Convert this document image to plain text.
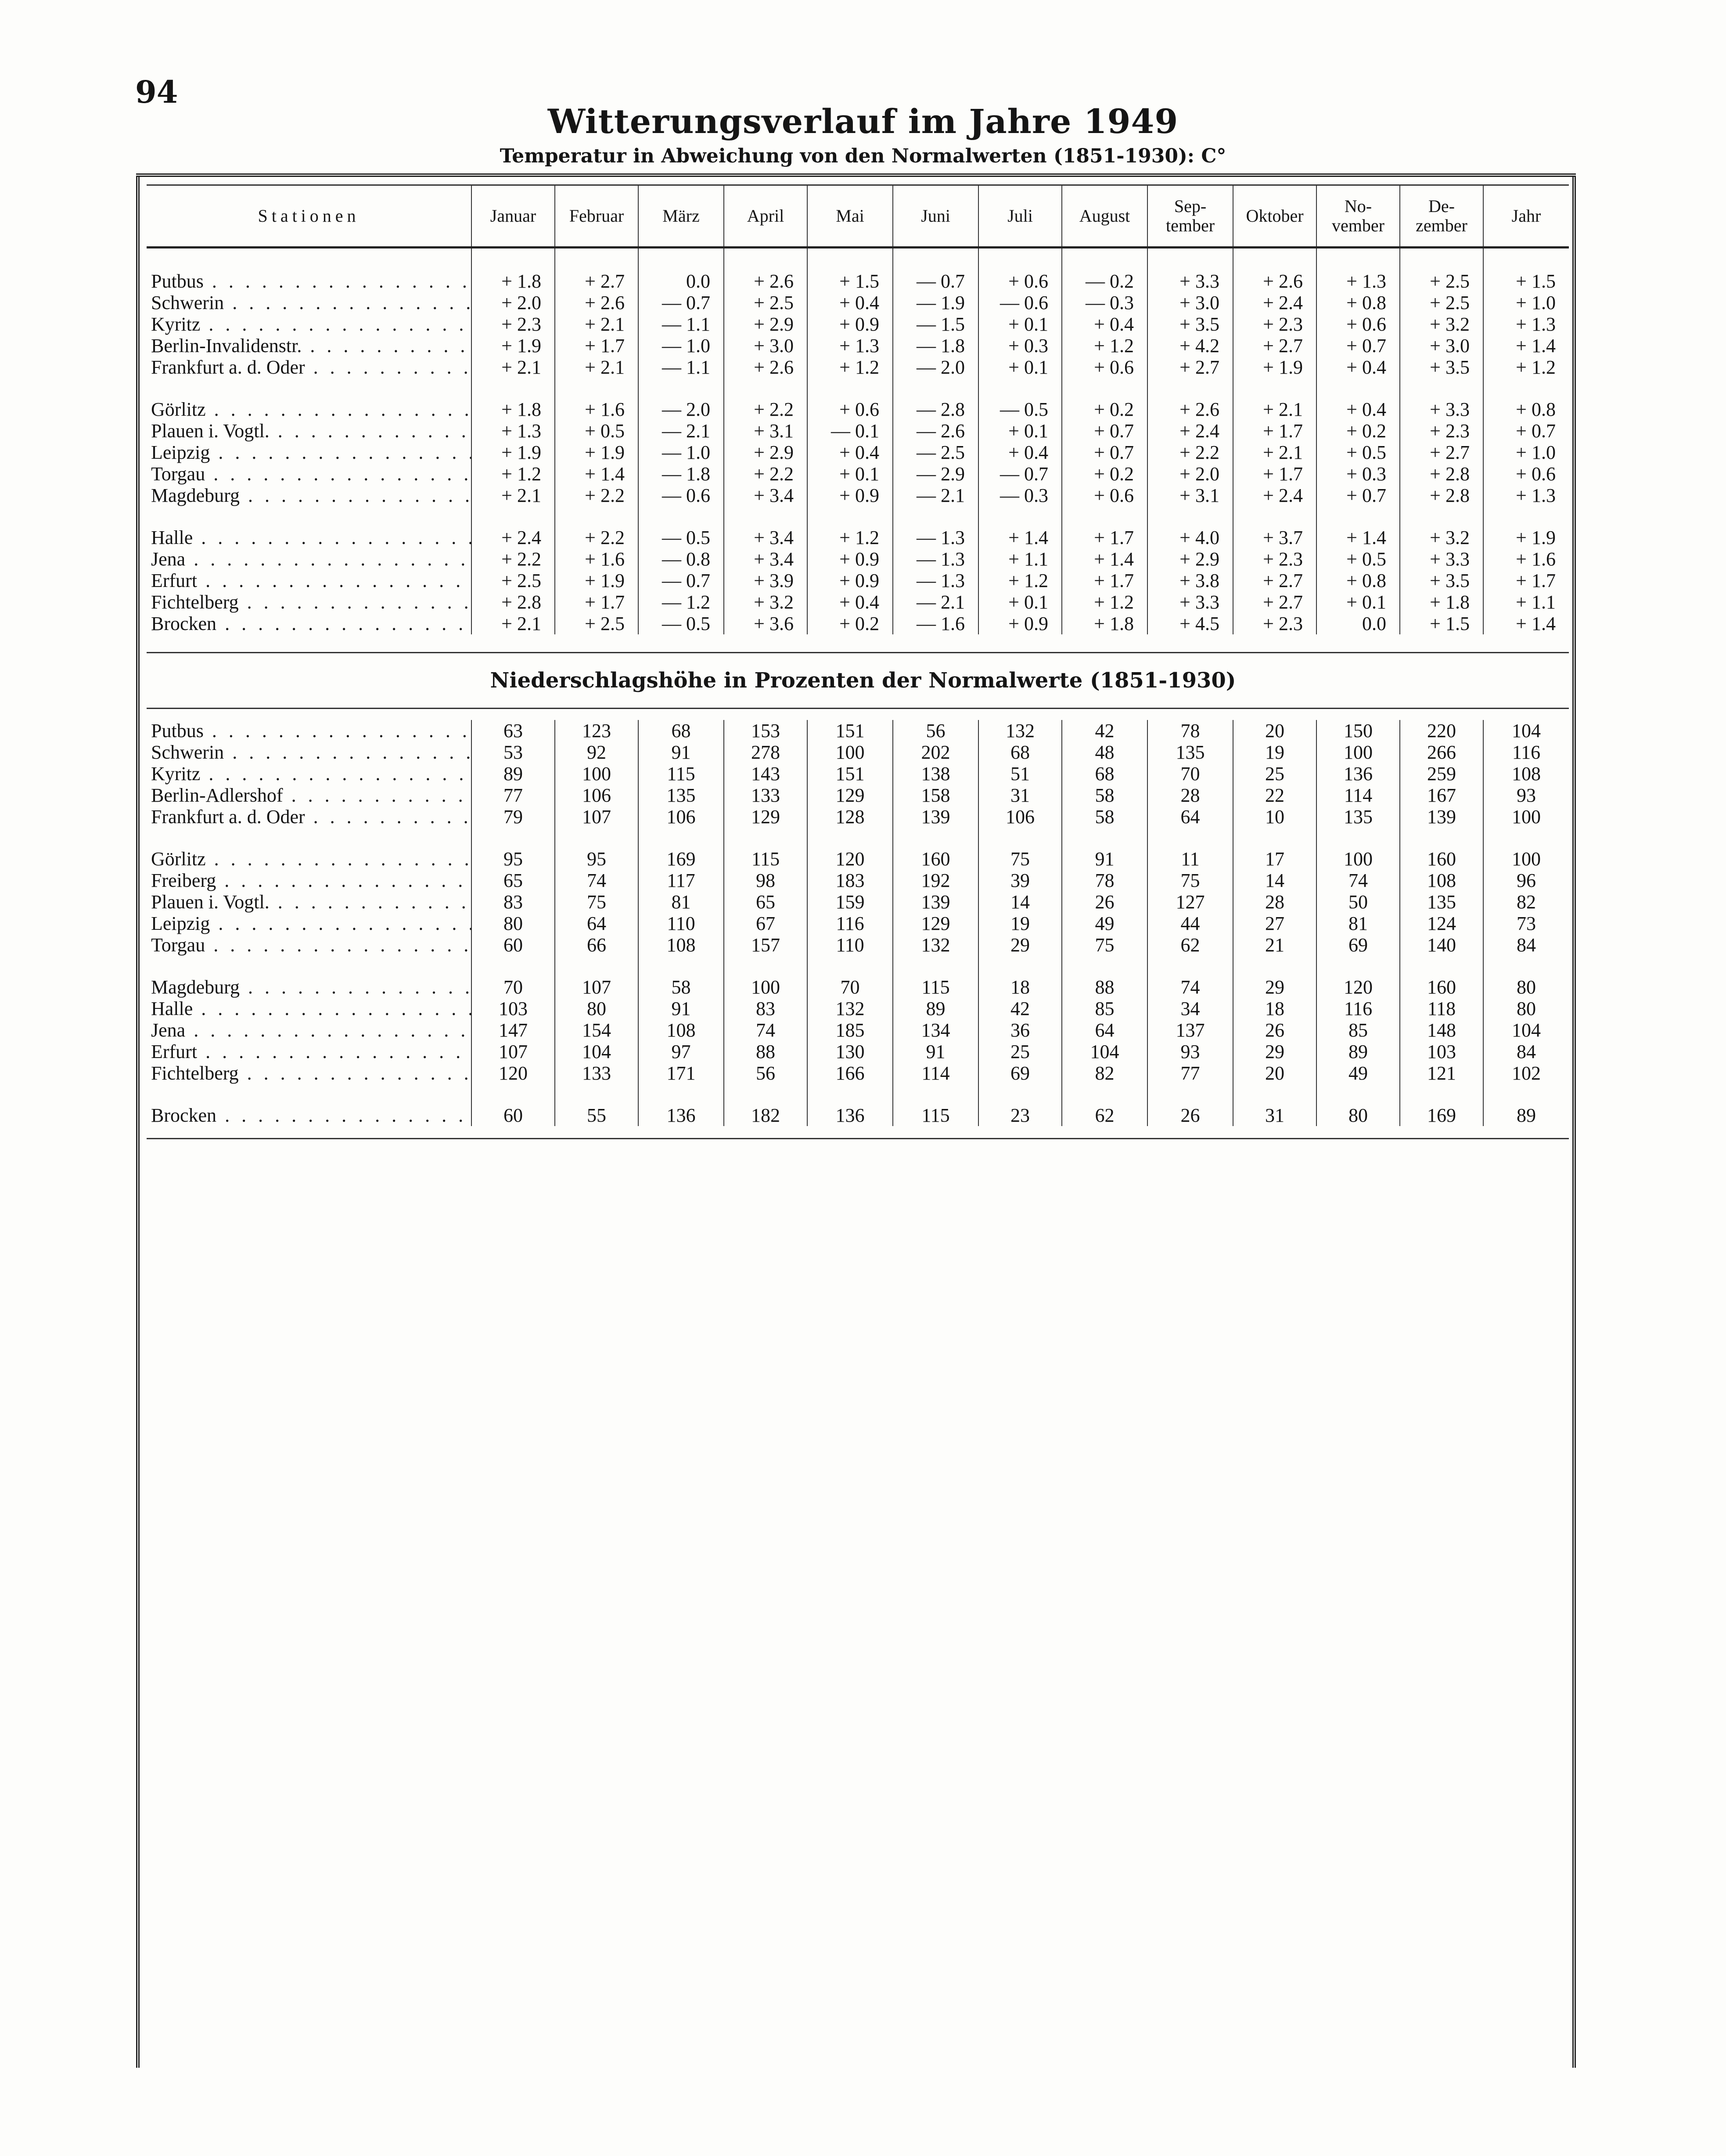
94
Witterungsverlauf im Jahre 1949
Temperatur in Abweichung von den Normalwerten (1851-1930): C°
Stationen	Januar	Februar	März	April	Mai	Juni	Juli	August	Sep-
tember	Oktober	No-
vember	De-
zember	Jahr
Putbus . . .	+ 1.8	+ 2.7	0.0	+ 2.6	+ 1.5	— 0.7	+ 0.6	— 0.2	+ 3.3	+ 2.6	+ 1.3	+ 2.5	+ 1.5
Schwerin . . .	+ 2.0	+ 2.6	— 0.7	+ 2.5	+ 0.4	— 1.9	— 0.6	— 0.3	+ 3.0	+ 2.4	+ 0.8	+ 2.5	+ 1.0
Kyritz . . .	+ 2.3	+ 2.1	— 1.1	+ 2.9	+ 0.9	— 1.5	+ 0.1	+ 0.4	+ 3.5	+ 2.3	+ 0.6	+ 3.2	+ 1.3
Berlin-Invalidenstr. . . .	+ 1.9	+ 1.7	— 1.0	+ 3.0	+ 1.3	— 1.8	+ 0.3	+ 1.2	+ 4.2	+ 2.7	+ 0.7	+ 3.0	+ 1.4
Frankfurt a. d. Oder . . .	+ 2.1	+ 2.1	— 1.1	+ 2.6	+ 1.2	— 2.0	+ 0.1	+ 0.6	+ 2.7	+ 1.9	+ 0.4	+ 3.5	+ 1.2

Görlitz . . .	+ 1.8	+ 1.6	— 2.0	+ 2.2	+ 0.6	— 2.8	— 0.5	+ 0.2	+ 2.6	+ 2.1	+ 0.4	+ 3.3	+ 0.8
Plauen i. Vogtl. . . .	+ 1.3	+ 0.5	— 2.1	+ 3.1	— 0.1	— 2.6	+ 0.1	+ 0.7	+ 2.4	+ 1.7	+ 0.2	+ 2.3	+ 0.7
Leipzig . . .	+ 1.9	+ 1.9	— 1.0	+ 2.9	+ 0.4	— 2.5	+ 0.4	+ 0.7	+ 2.2	+ 2.1	+ 0.5	+ 2.7	+ 1.0
Torgau . . .	+ 1.2	+ 1.4	— 1.8	+ 2.2	+ 0.1	— 2.9	— 0.7	+ 0.2	+ 2.0	+ 1.7	+ 0.3	+ 2.8	+ 0.6
Magdeburg . . .	+ 2.1	+ 2.2	— 0.6	+ 3.4	+ 0.9	— 2.1	— 0.3	+ 0.6	+ 3.1	+ 2.4	+ 0.7	+ 2.8	+ 1.3

Halle . . .	+ 2.4	+ 2.2	— 0.5	+ 3.4	+ 1.2	— 1.3	+ 1.4	+ 1.7	+ 4.0	+ 3.7	+ 1.4	+ 3.2	+ 1.9
Jena . . .	+ 2.2	+ 1.6	— 0.8	+ 3.4	+ 0.9	— 1.3	+ 1.1	+ 1.4	+ 2.9	+ 2.3	+ 0.5	+ 3.3	+ 1.6
Erfurt . . .	+ 2.5	+ 1.9	— 0.7	+ 3.9	+ 0.9	— 1.3	+ 1.2	+ 1.7	+ 3.8	+ 2.7	+ 0.8	+ 3.5	+ 1.7
Fichtelberg . . .	+ 2.8	+ 1.7	— 1.2	+ 3.2	+ 0.4	— 2.1	+ 0.1	+ 1.2	+ 3.3	+ 2.7	+ 0.1	+ 1.8	+ 1.1
Brocken . . .	+ 2.1	+ 2.5	— 0.5	+ 3.6	+ 0.2	— 1.6	+ 0.9	+ 1.8	+ 4.5	+ 2.3	0.0	+ 1.5	+ 1.4
Niederschlagshöhe in Prozenten der Normalwerte (1851-1930)
Putbus . . .	63	123	68	153	151	56	132	42	78	20	150	220	104
Schwerin . . .	53	92	91	278	100	202	68	48	135	19	100	266	116
Kyritz . . .	89	100	115	143	151	138	51	68	70	25	136	259	108
Berlin-Adlershof . . .	77	106	135	133	129	158	31	58	28	22	114	167	93
Frankfurt a. d. Oder . . .	79	107	106	129	128	139	106	58	64	10	135	139	100

Görlitz . . .	95	95	169	115	120	160	75	91	11	17	100	160	100
Freiberg . . .	65	74	117	98	183	192	39	78	75	14	74	108	96
Plauen i. Vogtl. . . .	83	75	81	65	159	139	14	26	127	28	50	135	82
Leipzig . . .	80	64	110	67	116	129	19	49	44	27	81	124	73
Torgau . . .	60	66	108	157	110	132	29	75	62	21	69	140	84

Magdeburg . . .	70	107	58	100	70	115	18	88	74	29	120	160	80
Halle . . .	103	80	91	83	132	89	42	85	34	18	116	118	80
Jena . . .	147	154	108	74	185	134	36	64	137	26	85	148	104
Erfurt . . .	107	104	97	88	130	91	25	104	93	29	89	103	84
Fichtelberg . . .	120	133	171	56	166	114	69	82	77	20	49	121	102

Brocken . . .	60	55	136	182	136	115	23	62	26	31	80	169	89
